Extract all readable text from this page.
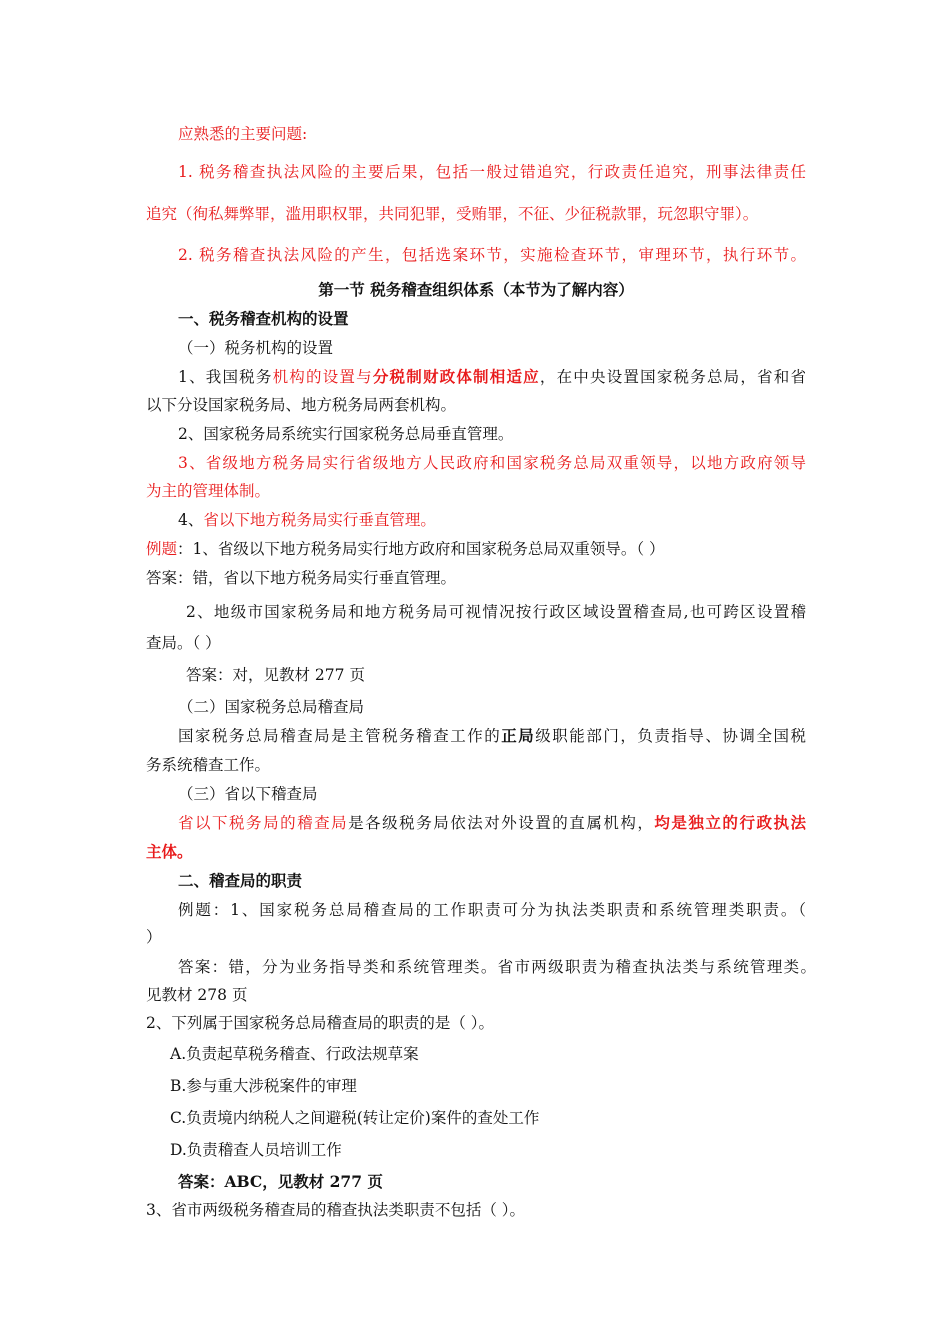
应熟悉的主要问题:

1. 税务稽查执法风险的主要后果，包括一般过错追究，行政责任追究，刑事法律责任

追究（徇私舞弊罪，滥用职权罪，共同犯罪，受贿罪，不征、少征税款罪，玩忽职守罪）。

2. 税务稽查执法风险的产生，包括选案环节，实施检查环节，审理环节，执行环节。

第一节 税务稽查组织体系（本节为了解内容）

一、税务稽查机构的设置

（一）税务机构的设置

1、我国税务机构的设置与分税制财政体制相适应，在中央设置国家税务总局，省和省

以下分设国家税务局、地方税务局两套机构。

2、国家税务局系统实行国家税务总局垂直管理。

3、省级地方税务局实行省级地方人民政府和国家税务总局双重领导，以地方政府领导

为主的管理体制。

4、省以下地方税务局实行垂直管理。

例题：1、省级以下地方税务局实行地方政府和国家税务总局双重领导。（ ）

答案：错，省以下地方税务局实行垂直管理。

2、地级市国家税务局和地方税务局可视情况按行政区域设置稽查局,也可跨区设置稽

查局。（ ）

答案：对，见教材 277 页

（二）国家税务总局稽查局

国家税务总局稽查局是主管税务稽查工作的正局级职能部门，负责指导、协调全国税

务系统稽查工作。

（三）省以下稽查局

省以下税务局的稽查局是各级税务局依法对外设置的直属机构，均是独立的行政执法

主体。

二、稽查局的职责

例题：1、国家税务总局稽查局的工作职责可分为执法类职责和系统管理类职责。（

）

答案：错，分为业务指导类和系统管理类。省市两级职责为稽查执法类与系统管理类。

见教材 278 页

2、下列属于国家税务总局稽查局的职责的是（ ）。

A.负责起草税务稽查、行政法规草案

B.参与重大涉税案件的审理

C.负责境内纳税人之间避税(转让定价)案件的查处工作

D.负责稽查人员培训工作

答案：ABC，见教材 277 页

3、省市两级税务稽查局的稽查执法类职责不包括（ ）。
